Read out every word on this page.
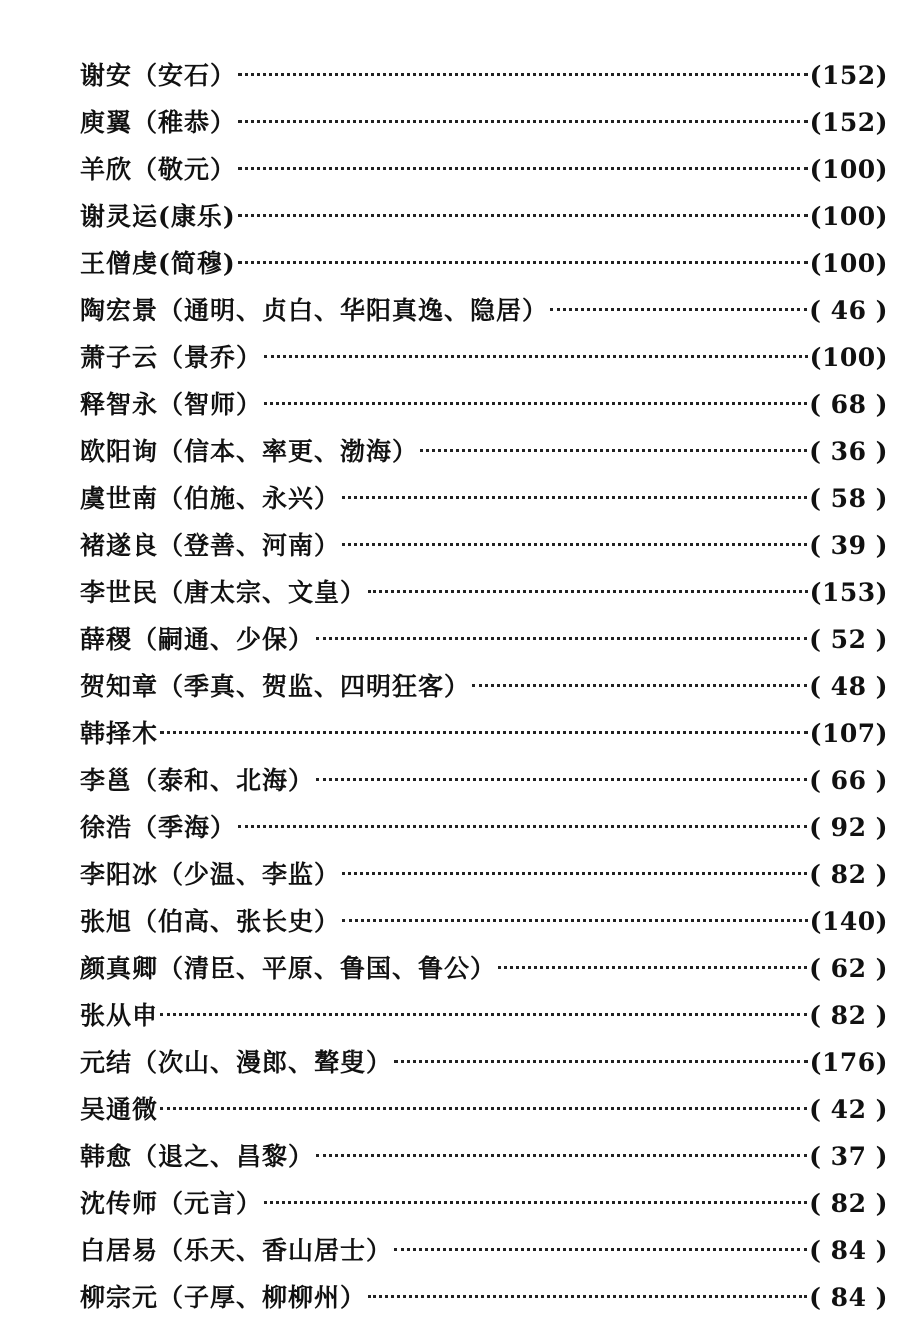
谢安（安石）	(152)
庾翼（稚恭）	(152)
羊欣（敬元）	(100)
谢灵运(康乐)	(100)
王僧虔(简穆)	(100)
陶宏景（通明、贞白、华阳真逸、隐居）	( 46 )
萧子云（景乔）	(100)
释智永（智师）	( 68 )
欧阳询（信本、率更、渤海）	( 36 )
虞世南（伯施、永兴）	( 58 )
褚遂良（登善、河南）	( 39 )
李世民（唐太宗、文皇）	(153)
薛稷（嗣通、少保）	( 52 )
贺知章（季真、贺监、四明狂客）	( 48 )
韩择木	(107)
李邕（泰和、北海）	( 66 )
徐浩（季海）	( 92 )
李阳冰（少温、李监）	( 82 )
张旭（伯高、张长史）	(140)
颜真卿（清臣、平原、鲁国、鲁公）	( 62 )
张从申	( 82 )
元结（次山、漫郎、聱叟）	(176)
吴通微	( 42 )
韩愈（退之、昌黎）	( 37 )
沈传师（元言）	( 82 )
白居易（乐天、香山居士）	( 84 )
柳宗元（子厚、柳柳州）	( 84 )
